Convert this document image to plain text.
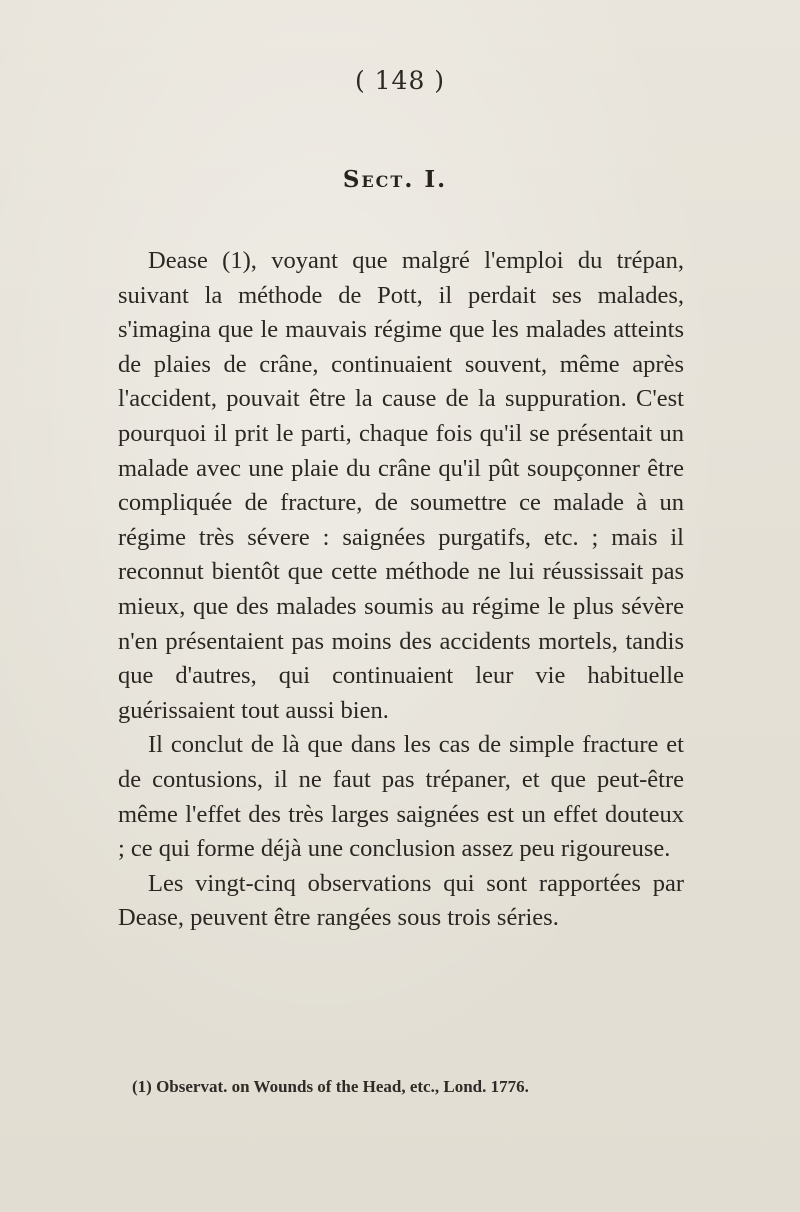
( 148 )
Sect. I.

Dease (1), voyant que malgré l'emploi du trépan, suivant la méthode de Pott, il perdait ses malades, s'imagina que le mauvais régime que les malades atteints de plaies de crâne, continuaient souvent, même après l'accident, pouvait être la cause de la suppuration. C'est pourquoi il prit le parti, chaque fois qu'il se présentait un malade avec une plaie du crâne qu'il pût soupçonner être compliquée de fracture, de soumettre ce malade à un régime très sévere : saignées purgatifs, etc. ; mais il reconnut bientôt que cette méthode ne lui réussissait pas mieux, que des malades soumis au régime le plus sévère n'en présentaient pas moins des accidents mortels, tandis que d'autres, qui continuaient leur vie habituelle guérissaient tout aussi bien.

Il conclut de là que dans les cas de simple fracture et de contusions, il ne faut pas trépaner, et que peut-être même l'effet des très larges saignées est un effet douteux ; ce qui forme déjà une conclusion assez peu rigoureuse.

Les vingt-cinq observations qui sont rapportées par Dease, peuvent être rangées sous trois séries.

(1) Observat. on Wounds of the Head, etc., Lond. 1776.
